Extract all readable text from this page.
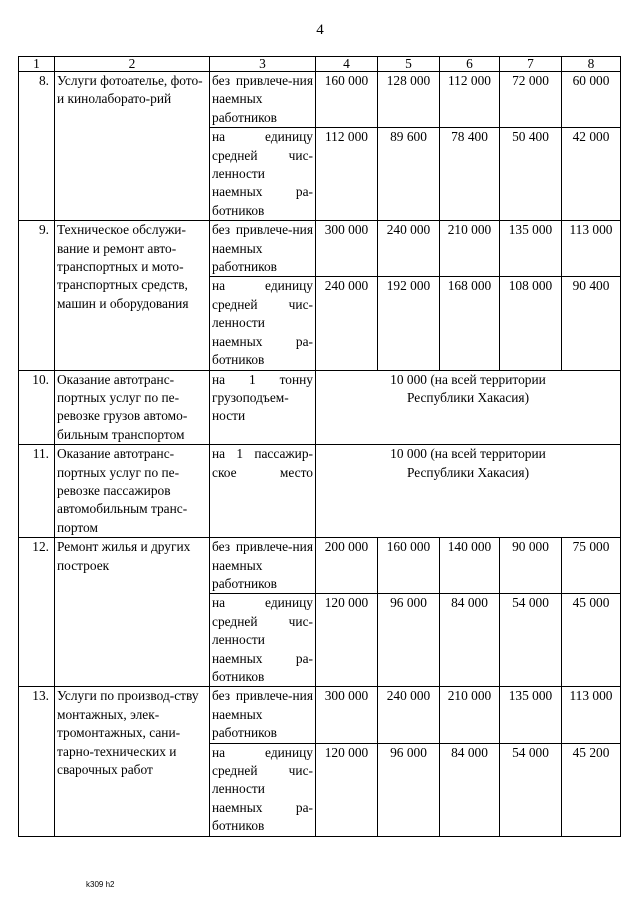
4
1	2	3	4	5	6	7	8
8.	Услуги фотоателье, фото- и кинолаборато-рий	без привлече-ния наемных работников	160 000	128 000	112 000	72 000	60 000
		на единицу средней чис-ленности наемных ра-ботников	112 000	89 600	78 400	50 400	42 000
9.	Техническое обслужи-вание и ремонт авто-транспортных и мото-транспортных средств, машин и оборудования	без привлече-ния наемных работников	300 000	240 000	210 000	135 000	113 000
		на единицу средней чис-ленности наемных ра-ботников	240 000	192 000	168 000	108 000	90 400
10.	Оказание автотранс-портных услуг по пе-ревозке грузов автомо-бильным транспортом	на 1 тонну грузоподъем-ности	10 000 (на всей территории Республики Хакасия)				
11.	Оказание автотранс-портных услуг по пе-ревозке пассажиров автомобильным транс-портом	на 1 пассажир-ское место	10 000 (на всей территории Республики Хакасия)				
12.	Ремонт жилья и других построек	без привлече-ния наемных работников	200 000	160 000	140 000	90 000	75 000
		на единицу средней чис-ленности наемных ра-ботников	120 000	96 000	84 000	54 000	45 000
13.	Услуги по производ-ству монтажных, элек-тромонтажных, сани-тарно-технических и сварочных работ	без привлече-ния наемных работников	300 000	240 000	210 000	135 000	113 000
		на единицу средней чис-ленности наемных ра-ботников	120 000	96 000	84 000	54 000	45 200
k309 h2
